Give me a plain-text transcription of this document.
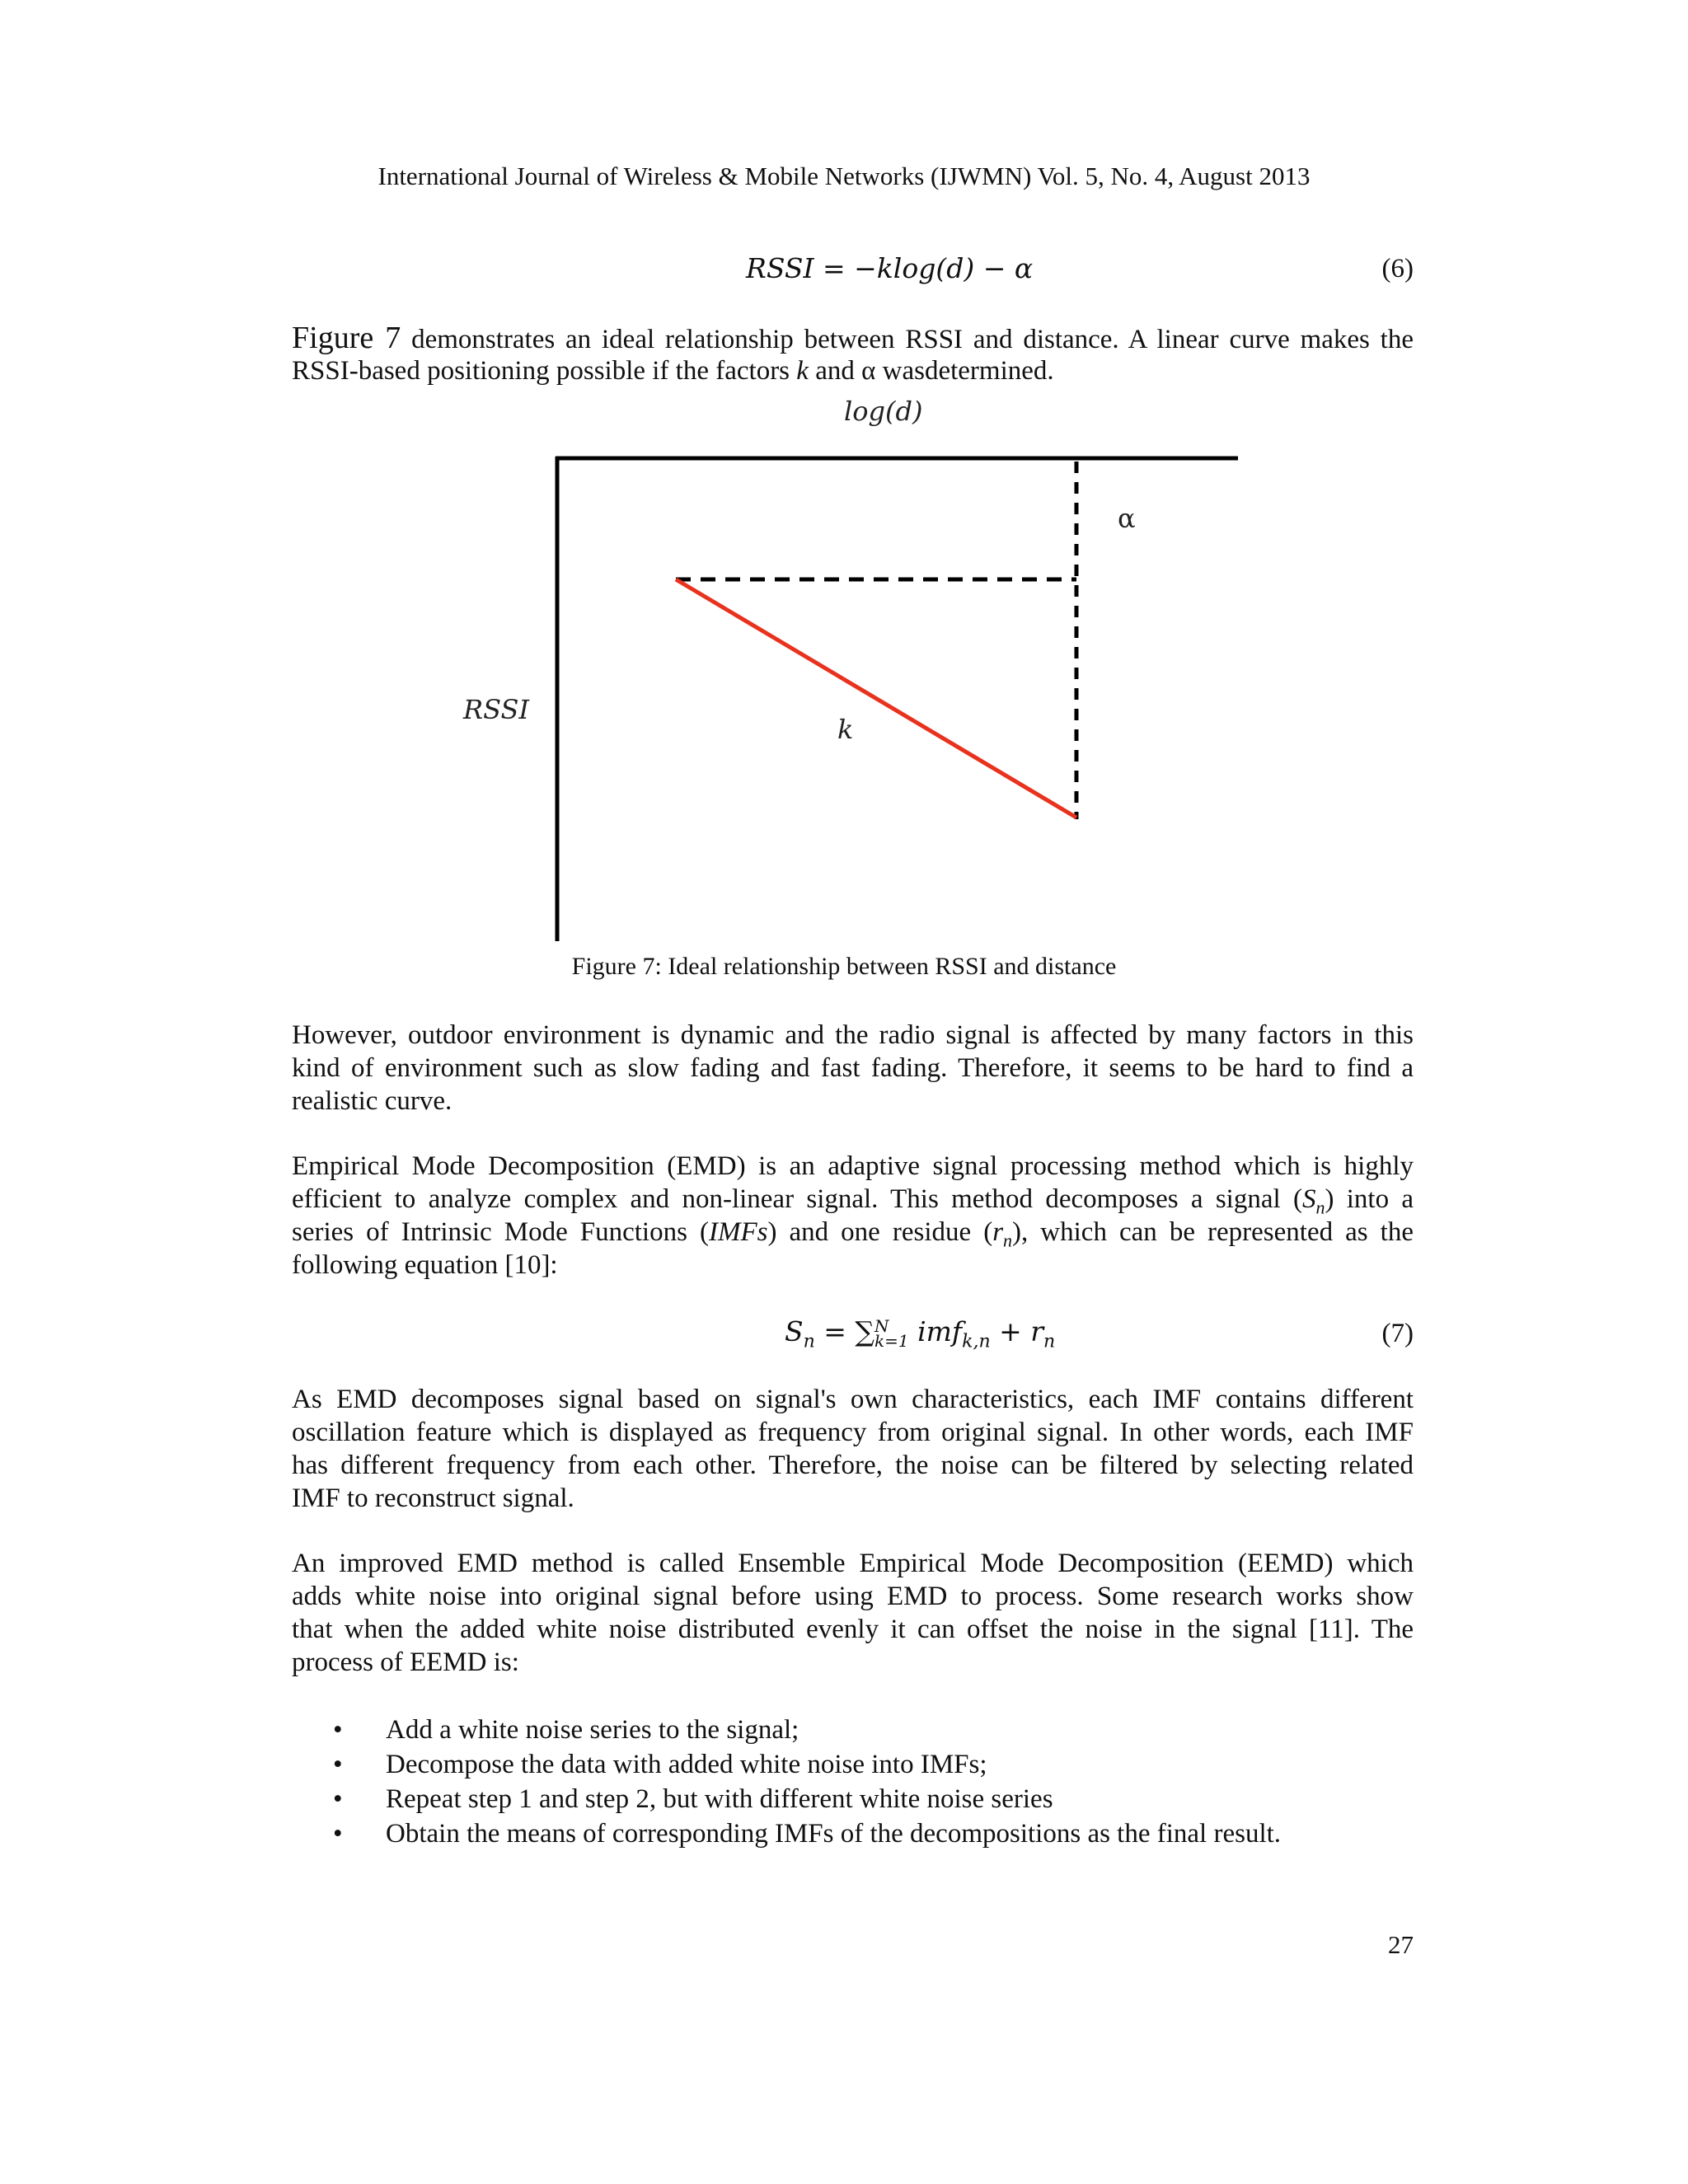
International Journal of Wireless & Mobile Networks (IJWMN) Vol. 5, No. 4, August 2013
RSSI = −klog(d) − α	(6)
Figure 7 demonstrates an ideal relationship between RSSI and distance. A linear curve makes the
RSSI-based positioning possible if the factors k and α wasdetermined.
log(d)
RSSI
k
α
Figure 7: Ideal relationship between RSSI and distance
However, outdoor environment is dynamic and the radio signal is affected by many factors in this
kind of environment such as slow fading and fast fading. Therefore, it seems to be hard to find a
realistic curve.
Empirical Mode Decomposition (EMD) is an adaptive signal processing method which is highly
efficient to analyze complex and non-linear signal. This method decomposes a signal $(S_n)$ into a
series of Intrinsic Mode Functions (IMFs) and one residue $(r_n)$, which can be represented as the
following equation [10]:
$S_n$ = ∑ N
k=1 $imf_{k,n} + r_n$	(7)
As EMD decomposes signal based on signal's own characteristics, each IMF contains different
oscillation feature which is displayed as frequency from original signal. In other words, each IMF
has different frequency from each other. Therefore, the noise can be filtered by selecting related
IMF to reconstruct signal.
An improved EMD method is called Ensemble Empirical Mode Decomposition (EEMD) which
adds white noise into original signal before using EMD to process. Some research works show
that when the added white noise distributed evenly it can offset the noise in the signal [11]. The
process of EEMD is:
• Add a white noise series to the signal;
• Decompose the data with added white noise into IMFs;
• Repeat step 1 and step 2, but with different white noise series
• Obtain the means of corresponding IMFs of the decompositions as the final result.
27
